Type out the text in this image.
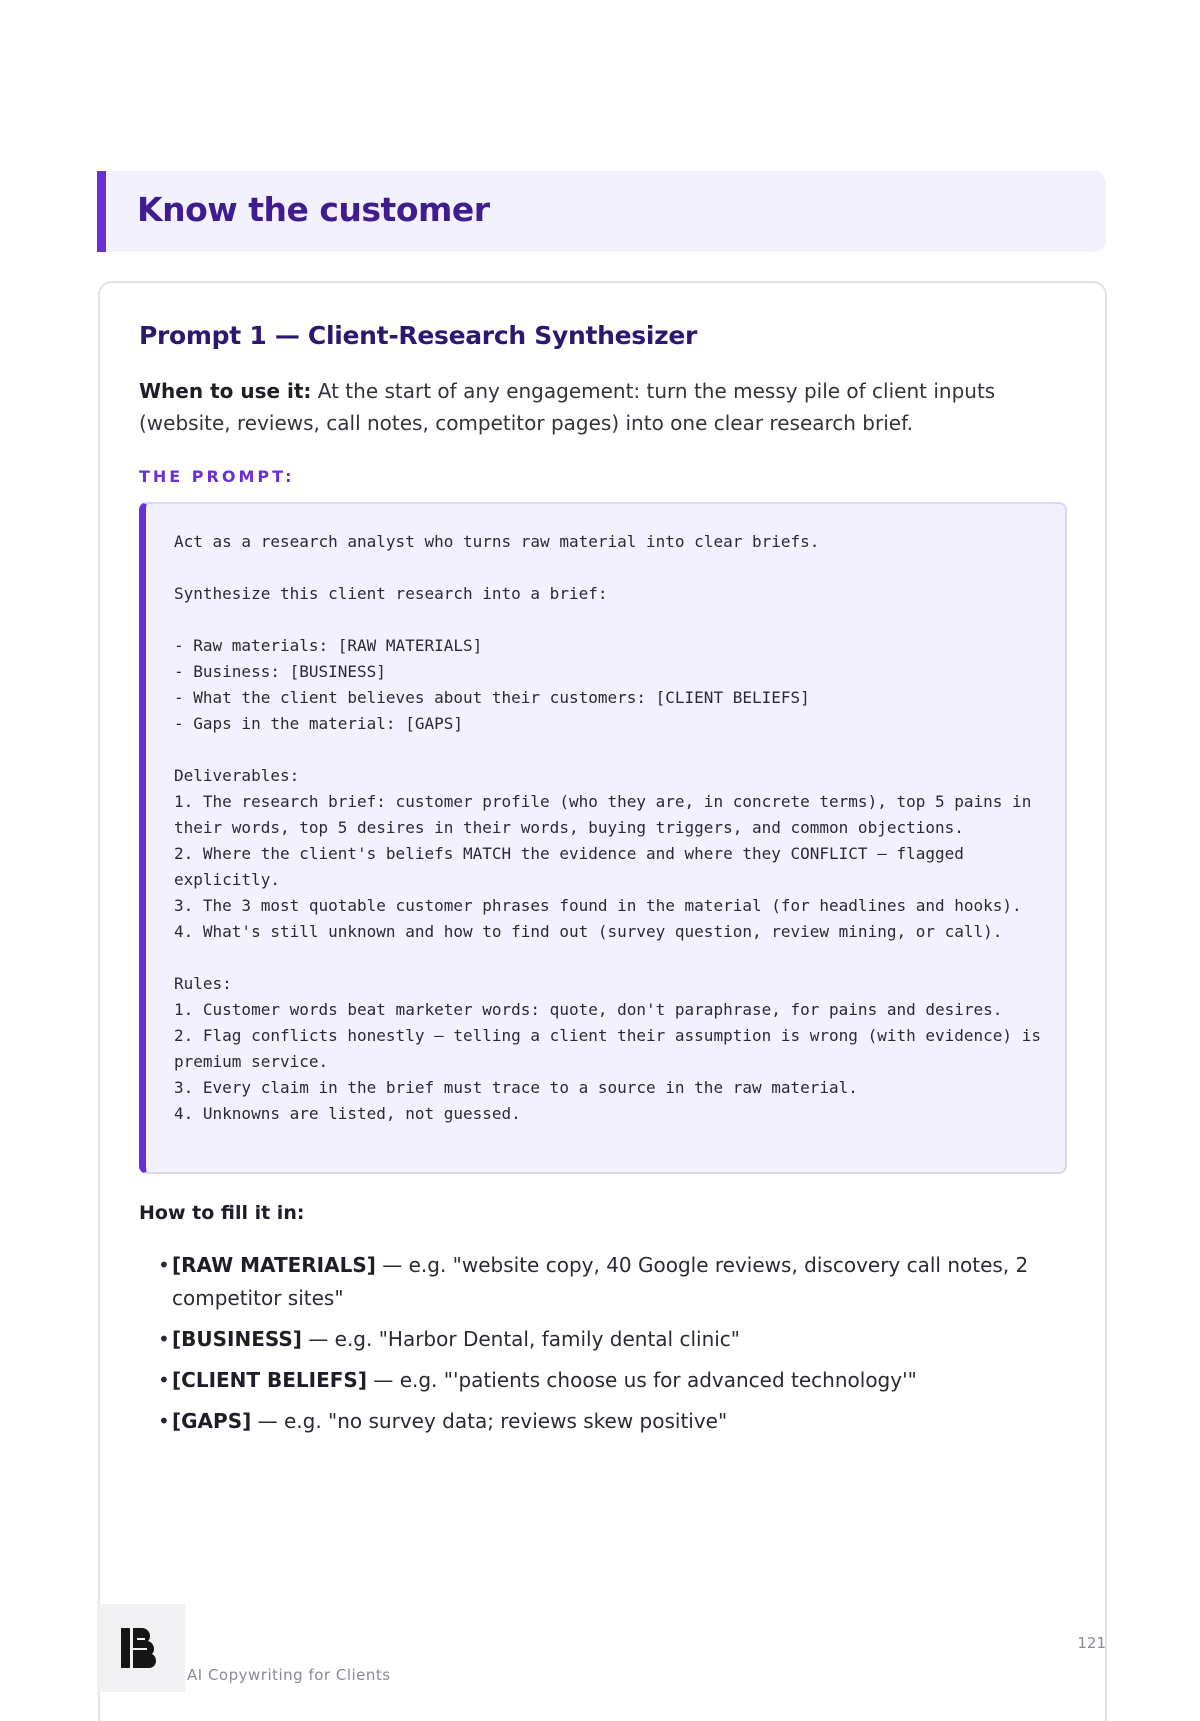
Know the customer
Prompt 1 — Client-Research Synthesizer

When to use it: At the start of any engagement: turn the messy pile of client inputs (website, reviews, call notes, competitor pages) into one clear research brief.

THE PROMPT:
Act as a research analyst who turns raw material into clear briefs.

Synthesize this client research into a brief:

- Raw materials: [RAW MATERIALS]
- Business: [BUSINESS]
- What the client believes about their customers: [CLIENT BELIEFS]
- Gaps in the material: [GAPS]

Deliverables:
1. The research brief: customer profile (who they are, in concrete terms), top 5 pains in their words, top 5 desires in their words, buying triggers, and common objections.
2. Where the client's beliefs MATCH the evidence and where they CONFLICT — flagged explicitly.
3. The 3 most quotable customer phrases found in the material (for headlines and hooks).
4. What's still unknown and how to find out (survey question, review mining, or call).

Rules:
1. Customer words beat marketer words: quote, don't paraphrase, for pains and desires.
2. Flag conflicts honestly — telling a client their assumption is wrong (with evidence) is premium service.
3. Every claim in the brief must trace to a source in the raw material.
4. Unknowns are listed, not guessed.
How to fill it in:
• [RAW MATERIALS] — e.g. "website copy, 40 Google reviews, discovery call notes, 2 competitor sites"
• [BUSINESS] — e.g. "Harbor Dental, family dental clinic"
• [CLIENT BELIEFS] — e.g. "'patients choose us for advanced technology'"
• [GAPS] — e.g. "no survey data; reviews skew positive"
AI Copywriting for Clients
121
